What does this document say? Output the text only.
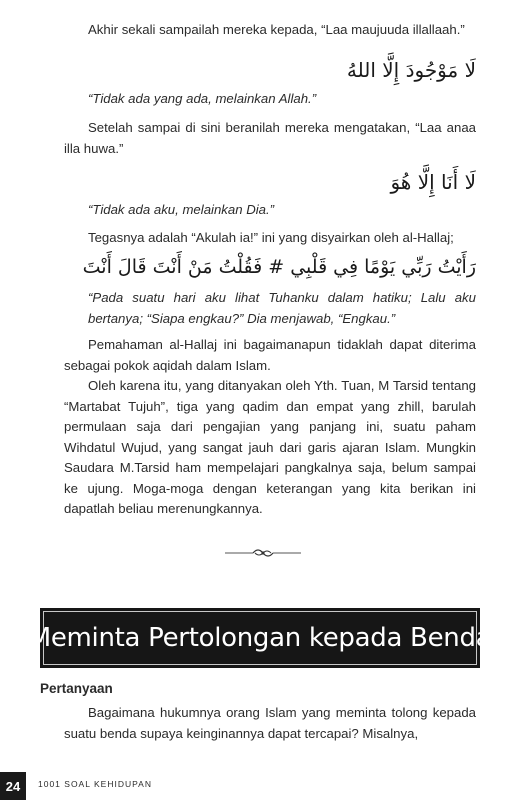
Akhir sekali sampailah mereka kepada, “Laa maujuuda illallaah.”

لَا مَوْجُودَ إِلَّا اللهُ

“Tidak ada yang ada, melainkan Allah.”

Setelah sampai di sini beranilah mereka mengatakan, “Laa anaa illa huwa.”

لَا أَنَا إِلَّا هُوَ

“Tidak ada aku, melainkan Dia.”

Tegasnya adalah “Akulah ia!” ini yang disyairkan oleh al-Hallaj;

رَأَيْتُ رَبِّي يَوْمًا فِي قَلْبِي # فَقُلْتُ مَنْ أَنْتَ قَالَ أَنْتَ

“Pada suatu hari aku lihat Tuhanku dalam hatiku; Lalu aku bertanya; “Siapa engkau?” Dia menjawab, “Engkau.”

Pemahaman al-Hallaj ini bagaimanapun tidaklah dapat diterima sebagai pokok aqidah dalam Islam.

Oleh karena itu, yang ditanyakan oleh Yth. Tuan, M Tarsid tentang “Martabat Tujuh”, tiga yang qadim dan empat yang zhill, barulah permulaan saja dari pengajian yang panjang ini, suatu paham Wihdatul Wujud, yang sangat jauh dari garis ajaran Islam. Mungkin Saudara M.Tarsid ham mempelajari pangkalnya saja, belum sampai ke ujung. Moga-moga dengan keterangan yang kita berikan ini dapatlah beliau merenungkannya.

Meminta Pertolongan kepada Benda

Pertanyaan

Bagaimana hukumnya orang Islam yang meminta tolong kepada suatu benda supaya keinginannya dapat tercapai? Misalnya,

24	1001 SOAL KEHIDUPAN
